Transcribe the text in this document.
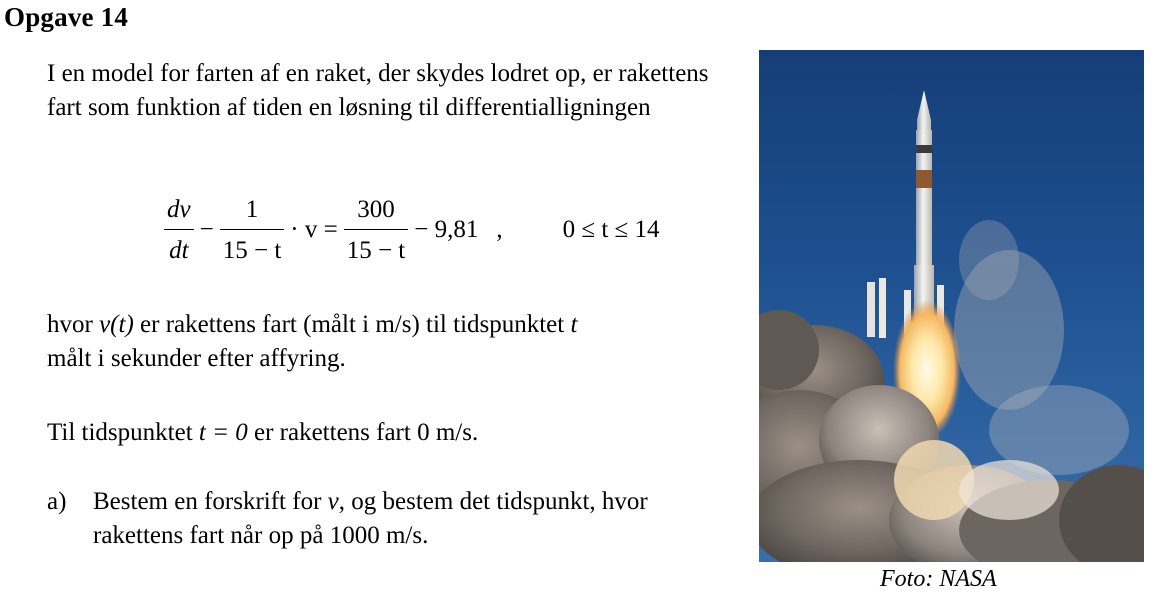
Opgave 14
I en model for farten af en raket, der skydes lodret op, er rakettens fart som funktion af tiden en løsning til differentialligningen
$\frac{dv}{dt} - \frac{1}{15 - t} \cdot v = \frac{300}{15 - t} - 9,81$ , 0 ≤ t ≤ 14
hvor v(t) er rakettens fart (målt i m/s) til tidspunktet t
målt i sekunder efter affyring.
Til tidspunktet t = 0 er rakettens fart 0 m/s.
a) Bestem en forskrift for v, og bestem det tidspunkt, hvor rakettens fart når op på 1000 m/s.
Foto: NASA
